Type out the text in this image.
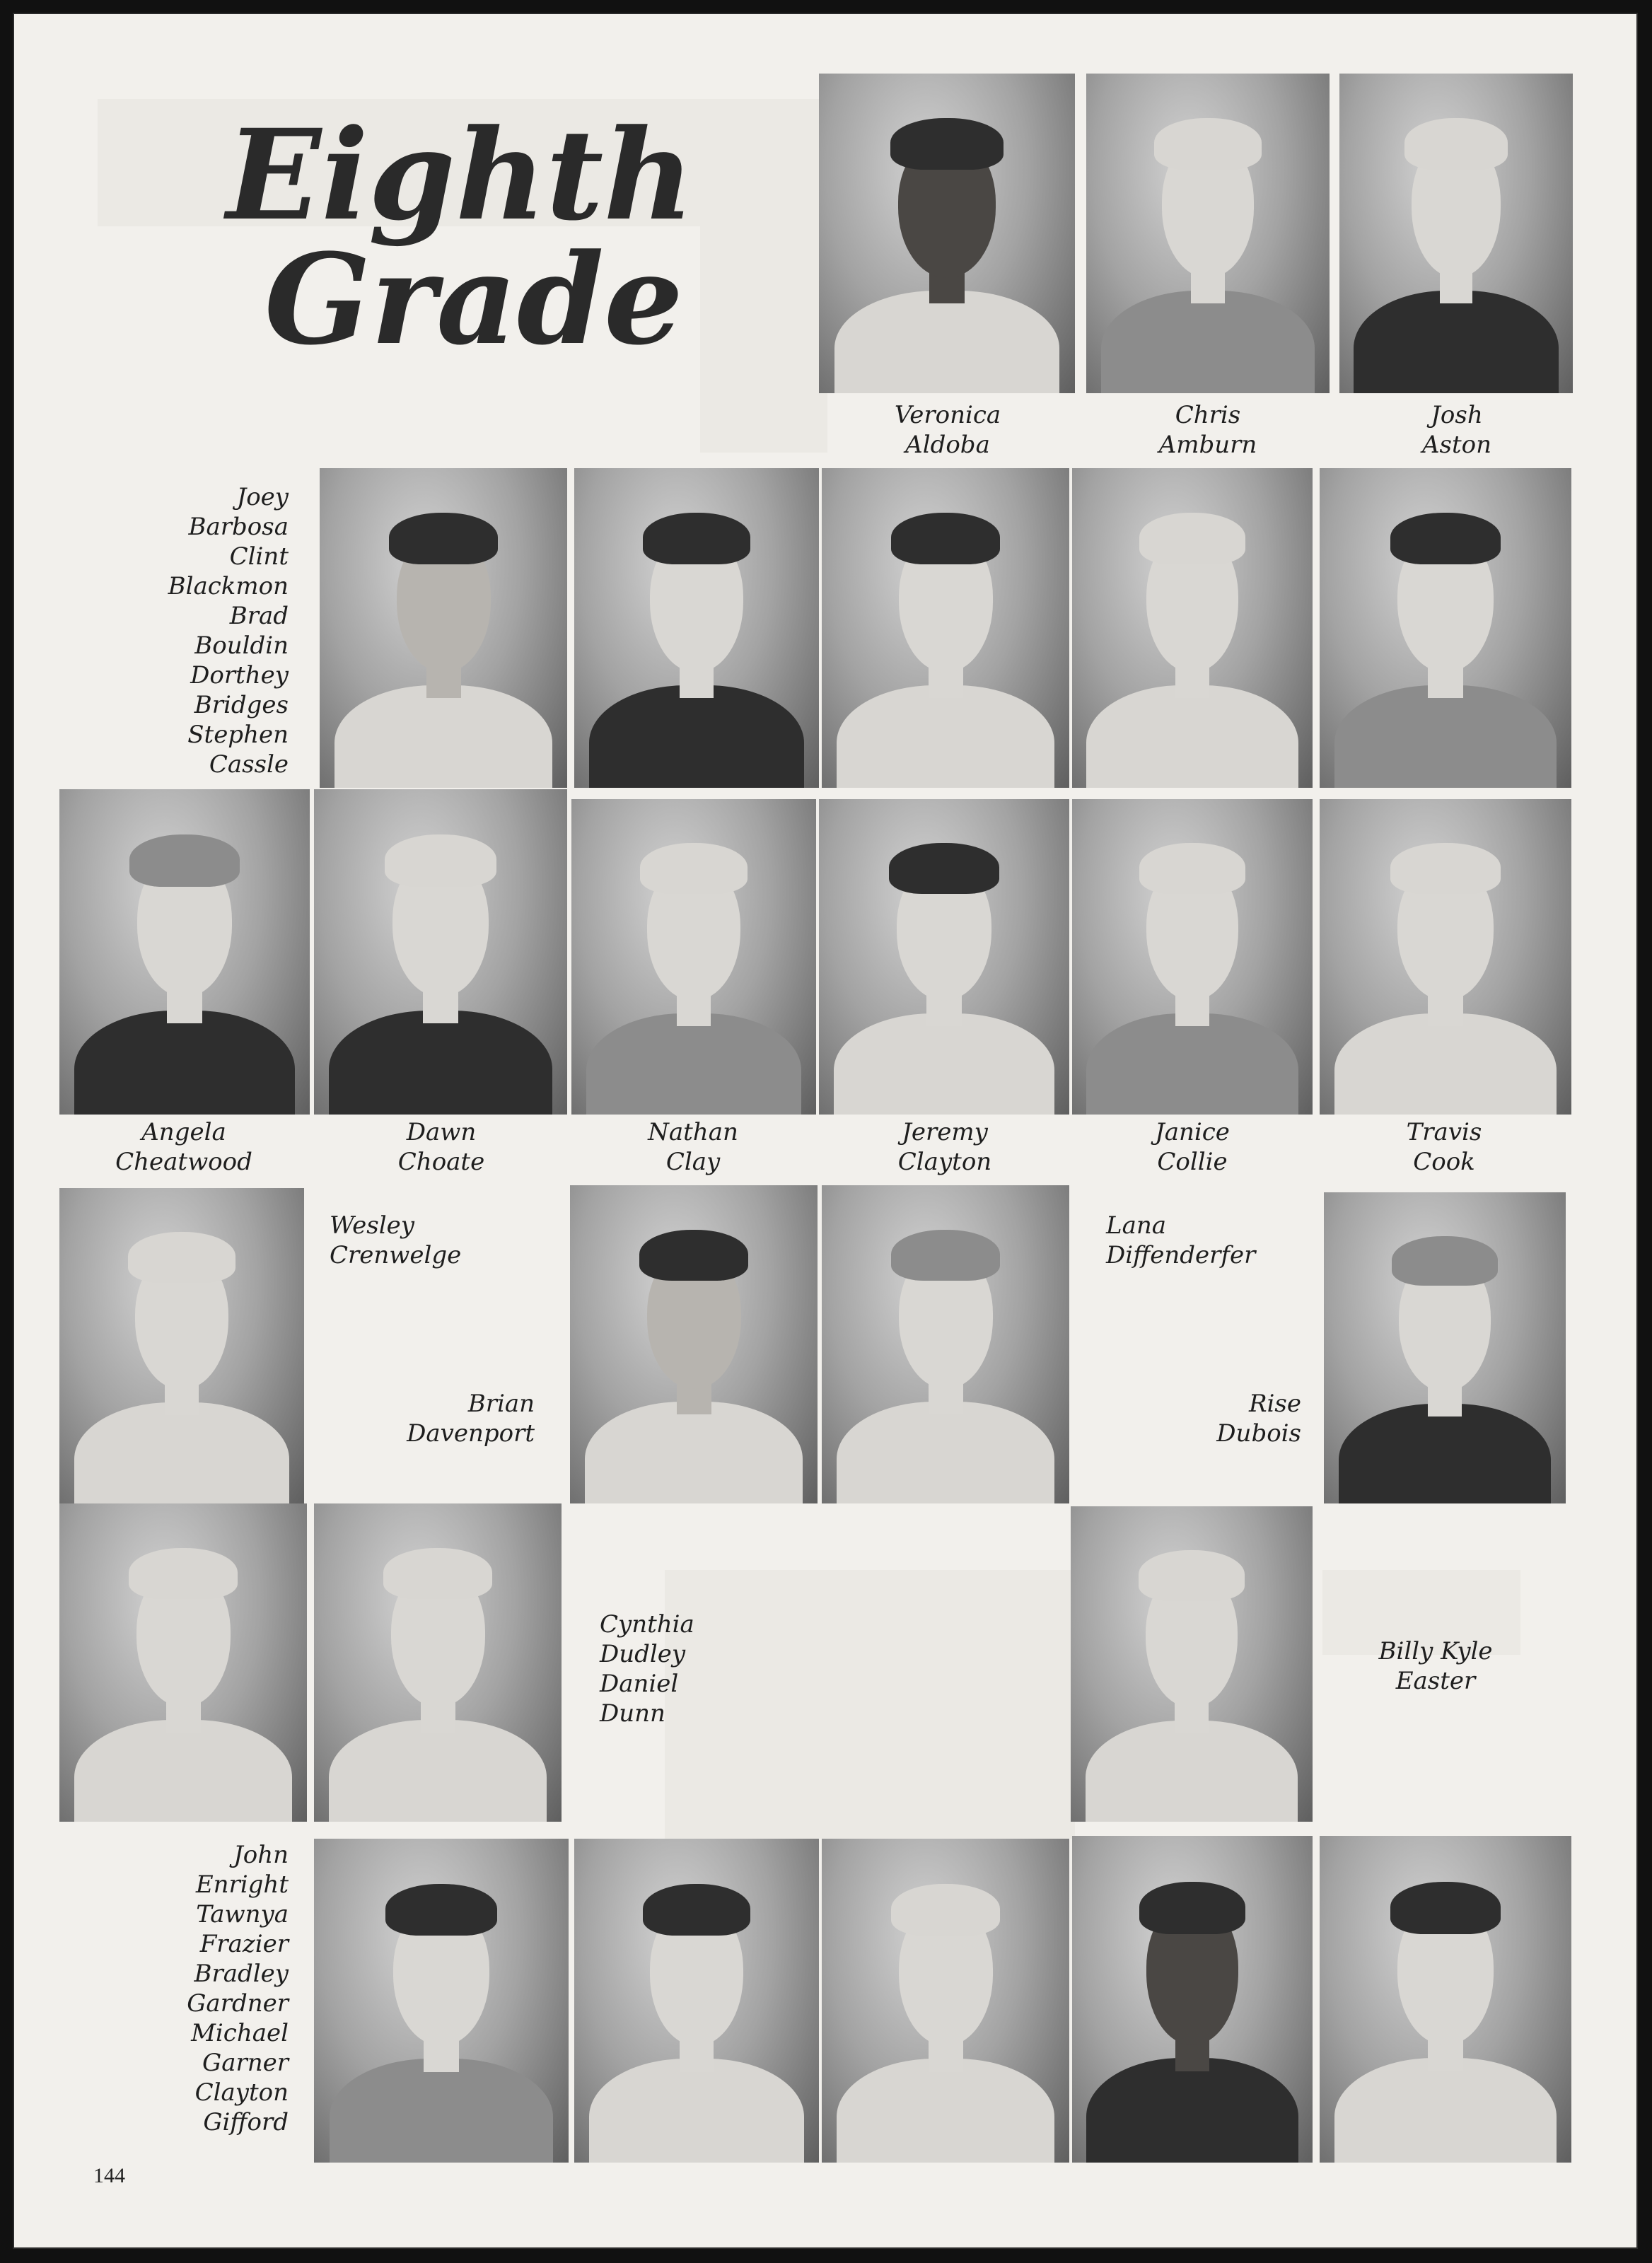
Eighth
Grade
Veronica
Aldoba
Chris
Amburn
Josh
Aston
Joey
Barbosa
Clint
Blackmon
Brad
Bouldin
Dorthey
Bridges
Stephen
Cassle
Angela
Cheatwood
Dawn
Choate
Nathan
Clay
Jeremy
Clayton
Janice
Collie
Travis
Cook
Wesley
Crenwelge
Brian
Davenport
Lana
Diffenderfer
Rise
Dubois
Cynthia
Dudley
Daniel
Dunn
Billy Kyle
Easter
John
Enright
Tawnya
Frazier
Bradley
Gardner
Michael
Garner
Clayton
Gifford
144
